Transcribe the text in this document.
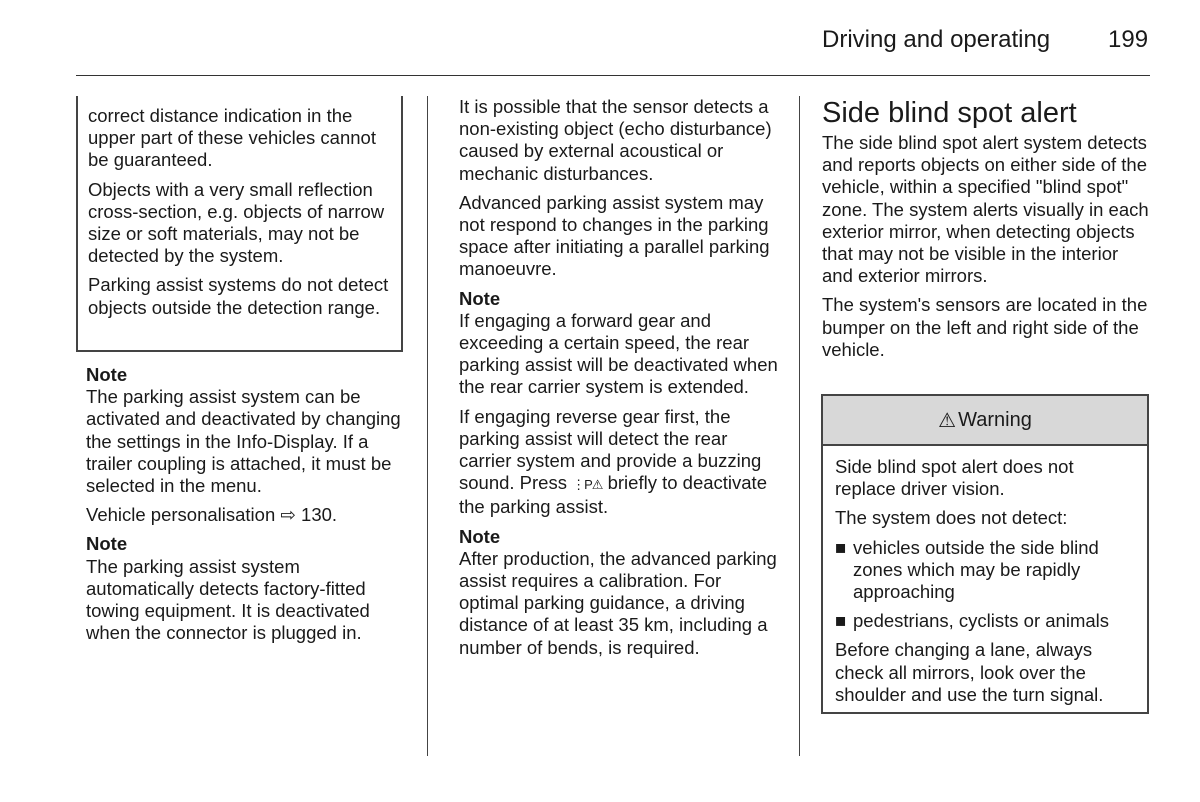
Driving and operating 199

correct distance indication in the upper part of these vehicles cannot be guaranteed.

Objects with a very small reflection cross-section, e.g. objects of narrow size or soft materials, may not be detected by the system.

Parking assist systems do not detect objects outside the detection range.

Note

The parking assist system can be activated and deactivated by changing the settings in the Info-Display. If a trailer coupling is attached, it must be selected in the menu.

Vehicle personalisation ⇨ 130.

Note

The parking assist system automatically detects factory-fitted towing equipment. It is deactivated when the connector is plugged in.

It is possible that the sensor detects a non-existing object (echo disturbance) caused by external acoustical or mechanic disturbances.

Advanced parking assist system may not respond to changes in the parking space after initiating a parallel parking manoeuvre.

Note

If engaging a forward gear and exceeding a certain speed, the rear parking assist will be deactivated when the rear carrier system is extended.

If engaging reverse gear first, the parking assist will detect the rear carrier system and provide a buzzing sound. Press ⋮P⚠ briefly to deactivate the parking assist.

Note

After production, the advanced parking assist requires a calibration. For optimal parking guidance, a driving distance of at least 35 km, including a number of bends, is required.

Side blind spot alert

The side blind spot alert system detects and reports objects on either side of the vehicle, within a specified "blind spot" zone. The system alerts visually in each exterior mirror, when detecting objects that may not be visible in the interior and exterior mirrors.

The system's sensors are located in the bumper on the left and right side of the vehicle.

⚠ Warning

Side blind spot alert does not replace driver vision.

The system does not detect:

■ vehicles outside the side blind zones which may be rapidly approaching
■ pedestrians, cyclists or animals

Before changing a lane, always check all mirrors, look over the shoulder and use the turn signal.
